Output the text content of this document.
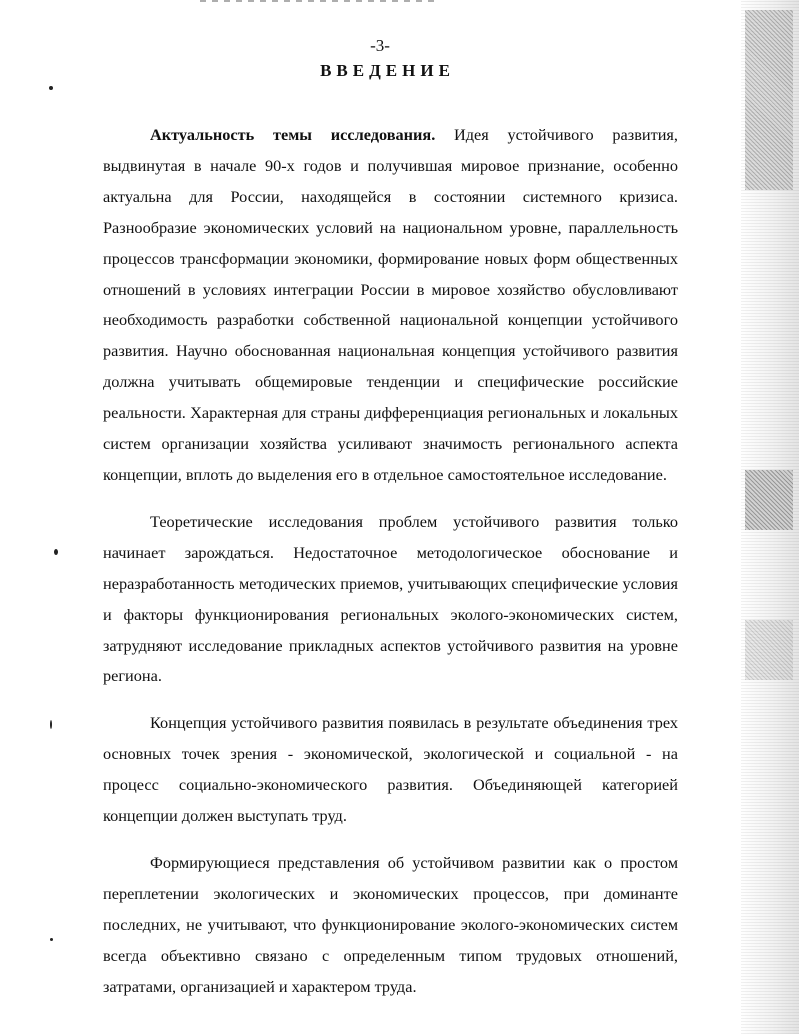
-3-
ВВЕДЕНИЕ

Актуальность темы исследования. Идея устойчивого развития, выдвинутая в начале 90-х годов и получившая мировое признание, особенно актуальна для России, находящейся в состоянии системного кризиса. Разнообразие экономических условий на национальном уровне, параллельность процессов трансформации экономики, формирование новых форм общественных отношений в условиях интеграции России в мировое хозяйство обусловливают необходимость разработки собственной национальной концепции устойчивого развития. Научно обоснованная национальная концепция устойчивого развития должна учитывать общемировые тенденции и специфические российские реальности. Характерная для страны дифференциация региональных и локальных систем организации хозяйства усиливают значимость регионального аспекта концепции, вплоть до выделения его в отдельное самостоятельное исследование.

Теоретические исследования проблем устойчивого развития только начинает зарождаться. Недостаточное методологическое обоснование и неразработанность методических приемов, учитывающих специфические условия и факторы функционирования региональных эколого-экономических систем, затрудняют исследование прикладных аспектов устойчивого развития на уровне региона.

Концепция устойчивого развития появилась в результате объединения трех основных точек зрения - экономической, экологической и социальной - на процесс социально-экономического развития. Объединяющей категорией концепции должен выступать труд.

Формирующиеся представления об устойчивом развитии как о простом переплетении экологических и экономических процессов, при доминанте последних, не учитывают, что функционирование эколого-экономических систем всегда объективно связано с определенным типом трудовых отношений, затратами, организацией и характером труда.
